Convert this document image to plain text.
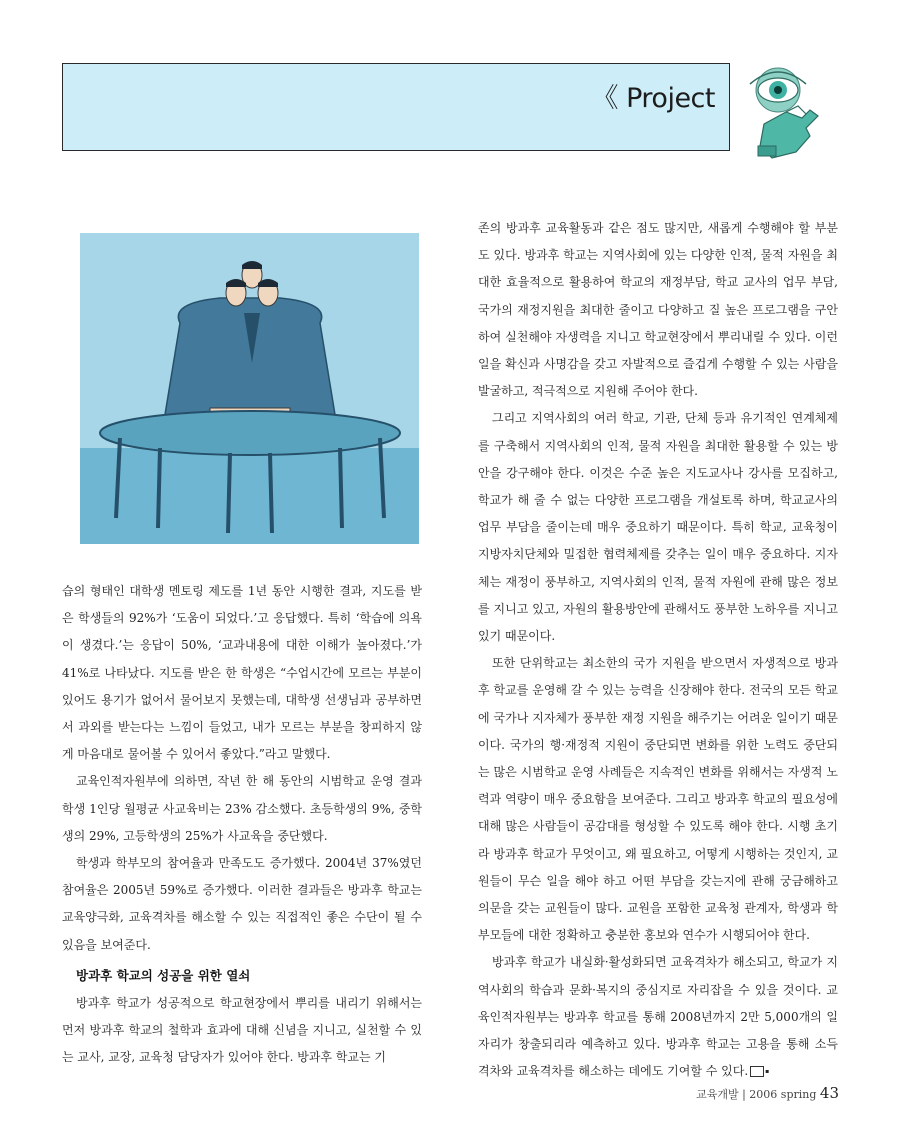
《 Project

습의 형태인 대학생 멘토링 제도를 1년 동안 시행한 결과, 지도를 받은 학생들의 92%가 ‘도움이 되었다.’고 응답했다. 특히 ‘학습에 의욕이 생겼다.’는 응답이 50%, ‘교과내용에 대한 이해가 높아졌다.’가 41%로 나타났다. 지도를 받은 한 학생은 “수업시간에 모르는 부분이 있어도 용기가 없어서 물어보지 못했는데, 대학생 선생님과 공부하면서 과외를 받는다는 느낌이 들었고, 내가 모르는 부분을 창피하지 않게 마음대로 물어볼 수 있어서 좋았다.”라고 말했다.

교육인적자원부에 의하면, 작년 한 해 동안의 시범학교 운영 결과 학생 1인당 월평균 사교육비는 23% 감소했다. 초등학생의 9%, 중학생의 29%, 고등학생의 25%가 사교육을 중단했다.

학생과 학부모의 참여율과 만족도도 증가했다. 2004년 37%였던 참여율은 2005년 59%로 증가했다. 이러한 결과들은 방과후 학교는 교육양극화, 교육격차를 해소할 수 있는 직접적인 좋은 수단이 될 수 있음을 보여준다.

방과후 학교의 성공을 위한 열쇠

방과후 학교가 성공적으로 학교현장에서 뿌리를 내리기 위해서는 먼저 방과후 학교의 철학과 효과에 대해 신념을 지니고, 실천할 수 있는 교사, 교장, 교육청 담당자가 있어야 한다. 방과후 학교는 기

존의 방과후 교육활동과 같은 점도 많지만, 새롭게 수행해야 할 부분도 있다. 방과후 학교는 지역사회에 있는 다양한 인적, 물적 자원을 최대한 효율적으로 활용하여 학교의 재정부담, 학교 교사의 업무 부담, 국가의 재정지원을 최대한 줄이고 다양하고 질 높은 프로그램을 구안하여 실천해야 자생력을 지니고 학교현장에서 뿌리내릴 수 있다. 이런 일을 확신과 사명감을 갖고 자발적으로 즐겁게 수행할 수 있는 사람을 발굴하고, 적극적으로 지원해 주어야 한다.

그리고 지역사회의 여러 학교, 기관, 단체 등과 유기적인 연계체제를 구축해서 지역사회의 인적, 물적 자원을 최대한 활용할 수 있는 방안을 강구해야 한다. 이것은 수준 높은 지도교사나 강사를 모집하고, 학교가 해 줄 수 없는 다양한 프로그램을 개설토록 하며, 학교교사의 업무 부담을 줄이는데 매우 중요하기 때문이다. 특히 학교, 교육청이 지방자치단체와 밀접한 협력체제를 갖추는 일이 매우 중요하다. 지자체는 재정이 풍부하고, 지역사회의 인적, 물적 자원에 관해 많은 정보를 지니고 있고, 자원의 활용방안에 관해서도 풍부한 노하우를 지니고 있기 때문이다.

또한 단위학교는 최소한의 국가 지원을 받으면서 자생적으로 방과후 학교를 운영해 갈 수 있는 능력을 신장해야 한다. 전국의 모든 학교에 국가나 지자체가 풍부한 재정 지원을 해주기는 어려운 일이기 때문이다. 국가의 행·재정적 지원이 중단되면 변화를 위한 노력도 중단되는 많은 시범학교 운영 사례들은 지속적인 변화를 위해서는 자생적 노력과 역량이 매우 중요함을 보여준다. 그리고 방과후 학교의 필요성에 대해 많은 사람들이 공감대를 형성할 수 있도록 해야 한다. 시행 초기라 방과후 학교가 무엇이고, 왜 필요하고, 어떻게 시행하는 것인지, 교원들이 무슨 일을 해야 하고 어떤 부담을 갖는지에 관해 궁금해하고 의문을 갖는 교원들이 많다. 교원을 포함한 교육청 관계자, 학생과 학부모들에 대한 정확하고 충분한 홍보와 연수가 시행되어야 한다.

방과후 학교가 내실화·활성화되면 교육격차가 해소되고, 학교가 지역사회의 학습과 문화·복지의 중심지로 자리잡을 수 있을 것이다. 교육인적자원부는 방과후 학교를 통해 2008년까지 2만 5,000개의 일자리가 창출되리라 예측하고 있다. 방과후 학교는 고용을 통해 소득 격차와 교육격차를 해소하는 데에도 기여할 수 있다.	▪

교육개발 | 2006 spring 43
